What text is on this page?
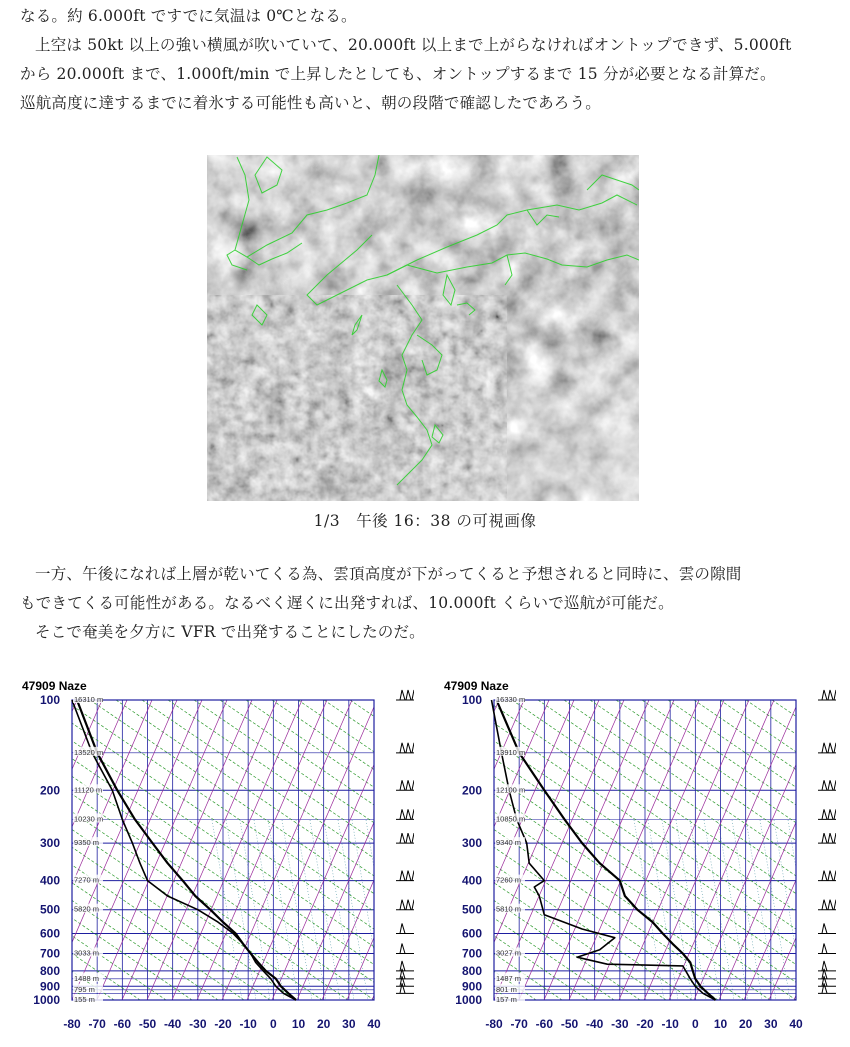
なる。約 6.000ft ですでに気温は 0℃となる。
上空は 50kt 以上の強い横風が吹いていて、20.000ft 以上まで上がらなければオントップできず、5.000ft
から 20.000ft まで、1.000ft/min で上昇したとしても、オントップするまで 15 分が必要となる計算だ。
巡航高度に達するまでに着氷する可能性も高いと、朝の段階で確認したであろう。

1/3　午後 16：38 の可視画像

一方、午後になれば上層が乾いてくる為、雲頂高度が下がってくると予想されると同時に、雲の隙間
もできてくる可能性がある。なるべく遅くに出発すれば、10.000ft くらいで巡航が可能だ。
そこで奄美を夕方に VFR で出発することにしたのだ。

47909 Naze
100
200
300
400
500
600
700
800
900
1000
-80 -70 -60 -50 -40 -30 -20 -10 0 10 20 30 40
16310 m
13520 m
11120 m
10230 m
9350 m
7270 m
5820 m
3033 m
1488 m
795 m
155 m
47909 Naze
100
200
300
400
500
600
700
800
900
1000
-80 -70 -60 -50 -40 -30 -20 -10 0 10 20 30 40
16330 m
13910 m
12100 m
10850 m
9340 m
7260 m
5810 m
3027 m
1487 m
801 m
157 m
